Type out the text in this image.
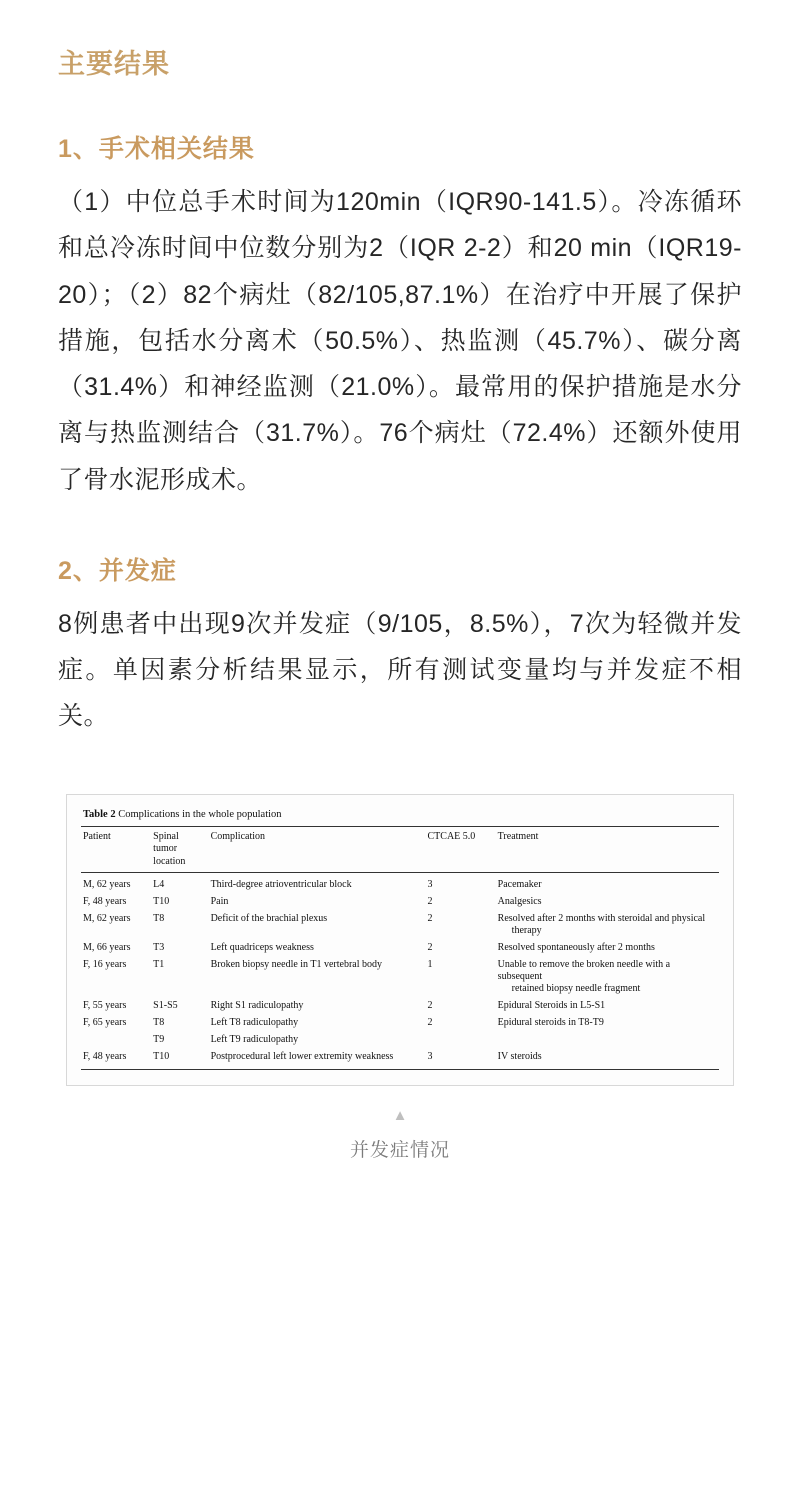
主要结果
1、手术相关结果

（1）中位总手术时间为120min（IQR90-141.5）。冷冻循环和总冷冻时间中位数分别为2（IQR 2-2）和20 min（IQR19-20）；（2）82个病灶（82/105,87.1%）在治疗中开展了保护措施，包括水分离术（50.5%）、热监测（45.7%）、碳分离（31.4%）和神经监测（21.0%）。最常用的保护措施是水分离与热监测结合（31.7%）。76个病灶（72.4%）还额外使用了骨水泥形成术。

2、并发症

8例患者中出现9次并发症（9/105，8.5%），7次为轻微并发症。单因素分析结果显示，所有测试变量均与并发症不相关。

Table 2 Complications in the whole population
Patient	Spinal tumor location	Complication	CTCAE 5.0	Treatment
M, 62 years	L4	Third-degree atrioventricular block	3	Pacemaker
F, 48 years	T10	Pain	2	Analgesics
M, 62 years	T8	Deficit of the brachial plexus	2	Resolved after 2 months with steroidal and physical
therapy

M, 66 years	T3	Left quadriceps weakness	2	Resolved spontaneously after 2 months
F, 16 years	T1	Broken biopsy needle in T1 vertebral body	1	Unable to remove the broken needle with a subsequent
retained biopsy needle fragment

F, 55 years	S1-S5	Right S1 radiculopathy	2	Epidural Steroids in L5-S1
F, 65 years	T8	Left T8 radiculopathy	2	Epidural steroids in T8-T9
	T9	Left T9 radiculopathy		
F, 48 years	T10	Postprocedural left lower extremity weakness	3	IV steroids
▲
并发症情况
